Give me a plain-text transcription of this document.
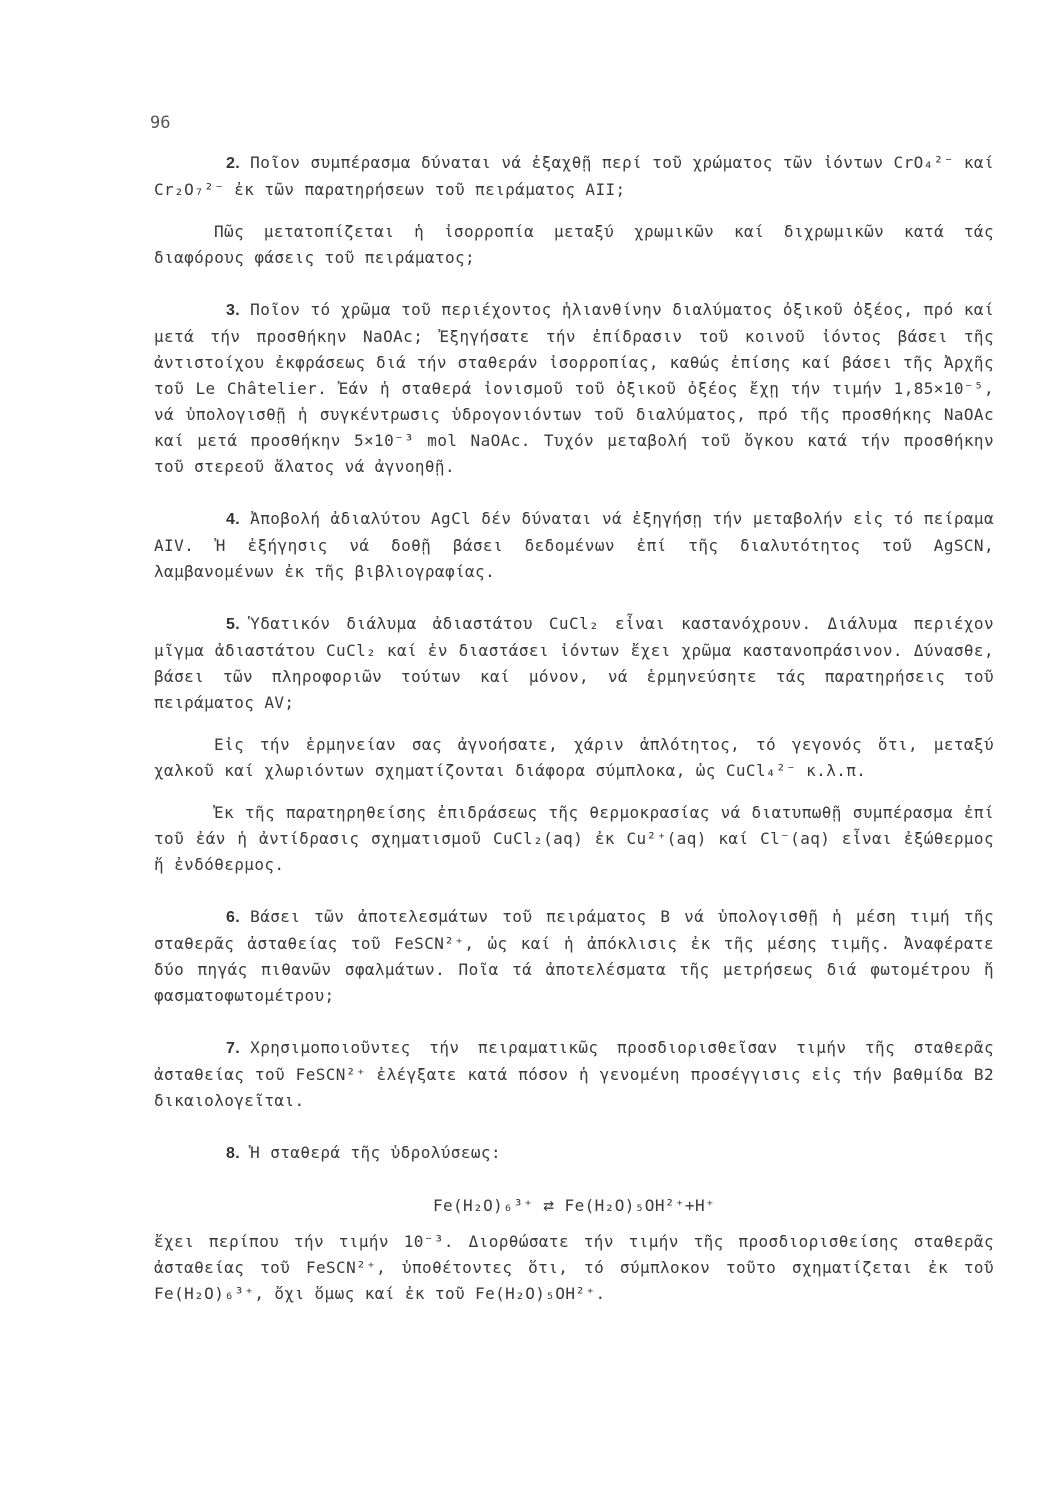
96

2. Ποῖον συμπέρασμα δύναται νά ἐξαχθῇ περί τοῦ χρώματος τῶν ἰόντων CrO₄²⁻ καί Cr₂O₇²⁻ ἐκ τῶν παρατηρήσεων τοῦ πειράματος AII;

Πῶς μετατοπίζεται ἡ ἰσορροπία μεταξύ χρωμικῶν καί διχρωμικῶν κατά τάς διαφόρους φάσεις τοῦ πειράματος;

3. Ποῖον τό χρῶμα τοῦ περιέχοντος ἡλιανθίνην διαλύματος ὀξικοῦ ὀξέος, πρό καί μετά τήν προσθήκην NaOAc; Ἐξηγήσατε τήν ἐπίδρασιν τοῦ κοινοῦ ἰόντος βάσει τῆς ἀντιστοίχου ἐκφράσεως διά τήν σταθεράν ἰσορροπίας, καθώς ἐπίσης καί βάσει τῆς Ἀρχῆς τοῦ Le Châtelier. Ἐάν ἡ σταθερά ἰονισμοῦ τοῦ ὀξικοῦ ὀξέος ἔχῃ τήν τιμήν 1,85×10⁻⁵, νά ὑπολογισθῇ ἡ συγκέντρωσις ὑδρογονιόντων τοῦ διαλύματος, πρό τῆς προσθήκης NaOAc καί μετά προσθήκην 5×10⁻³ mol NaOAc. Τυχόν μεταβολή τοῦ ὄγκου κατά τήν προσθήκην τοῦ στερεοῦ ἅλατος νά ἀγνοηθῇ.

4. Ἀποβολή ἀδιαλύτου AgCl δέν δύναται νά ἐξηγήσῃ τήν μεταβολήν εἰς τό πείραμα AIV. Ἡ ἐξήγησις νά δοθῇ βάσει δεδομένων ἐπί τῆς διαλυτότητος τοῦ AgSCN, λαμβανομένων ἐκ τῆς βιβλιογραφίας.

5. Ὑδατικόν διάλυμα ἀδιαστάτου CuCl₂ εἶναι καστανόχρουν. Διάλυμα περιέχον μῖγμα ἀδιαστάτου CuCl₂ καί ἐν διαστάσει ἰόντων ἔχει χρῶμα καστανοπράσινον. Δύνασθε, βάσει τῶν πληροφοριῶν τούτων καί μόνον, νά ἑρμηνεύσητε τάς παρατηρήσεις τοῦ πειράματος AV;

Εἰς τήν ἑρμηνείαν σας ἀγνοήσατε, χάριν ἁπλότητος, τό γεγονός ὅτι, μεταξύ χαλκοῦ καί χλωριόντων σχηματίζονται διάφορα σύμπλοκα, ὡς CuCl₄²⁻ κ.λ.π.

Ἐκ τῆς παρατηρηθείσης ἐπιδράσεως τῆς θερμοκρασίας νά διατυπωθῇ συμπέρασμα ἐπί τοῦ ἐάν ἡ ἀντίδρασις σχηματισμοῦ CuCl₂(aq) ἐκ Cu²⁺(aq) καί Cl⁻(aq) εἶναι ἐξώθερμος ἤ ἐνδόθερμος.

6. Βάσει τῶν ἀποτελεσμάτων τοῦ πειράματος B νά ὑπολογισθῇ ἡ μέση τιμή τῆς σταθερᾶς ἀσταθείας τοῦ FeSCN²⁺, ὡς καί ἡ ἀπόκλισις ἐκ τῆς μέσης τιμῆς. Ἀναφέρατε δύο πηγάς πιθανῶν σφαλμάτων. Ποῖα τά ἀποτελέσματα τῆς μετρήσεως διά φωτομέτρου ἤ φασματοφωτομέτρου;

7. Χρησιμοποιοῦντες τήν πειραματικῶς προσδιορισθεῖσαν τιμήν τῆς σταθερᾶς ἀσταθείας τοῦ FeSCN²⁺ ἐλέγξατε κατά πόσον ἡ γενομένη προσέγγισις εἰς τήν βαθμίδα B2 δικαιολογεῖται.

8. Ἡ σταθερά τῆς ὑδρολύσεως:

Fe(H₂O)₆³⁺ ⇄ Fe(H₂O)₅OH²⁺+H⁺

ἔχει περίπου τήν τιμήν 10⁻³. Διορθώσατε τήν τιμήν τῆς προσδιορισθείσης σταθερᾶς ἀσταθείας τοῦ FeSCN²⁺, ὑποθέτοντες ὅτι, τό σύμπλοκον τοῦτο σχηματίζεται ἐκ τοῦ Fe(H₂O)₆³⁺, ὄχι ὅμως καί ἐκ τοῦ Fe(H₂O)₅OH²⁺.
